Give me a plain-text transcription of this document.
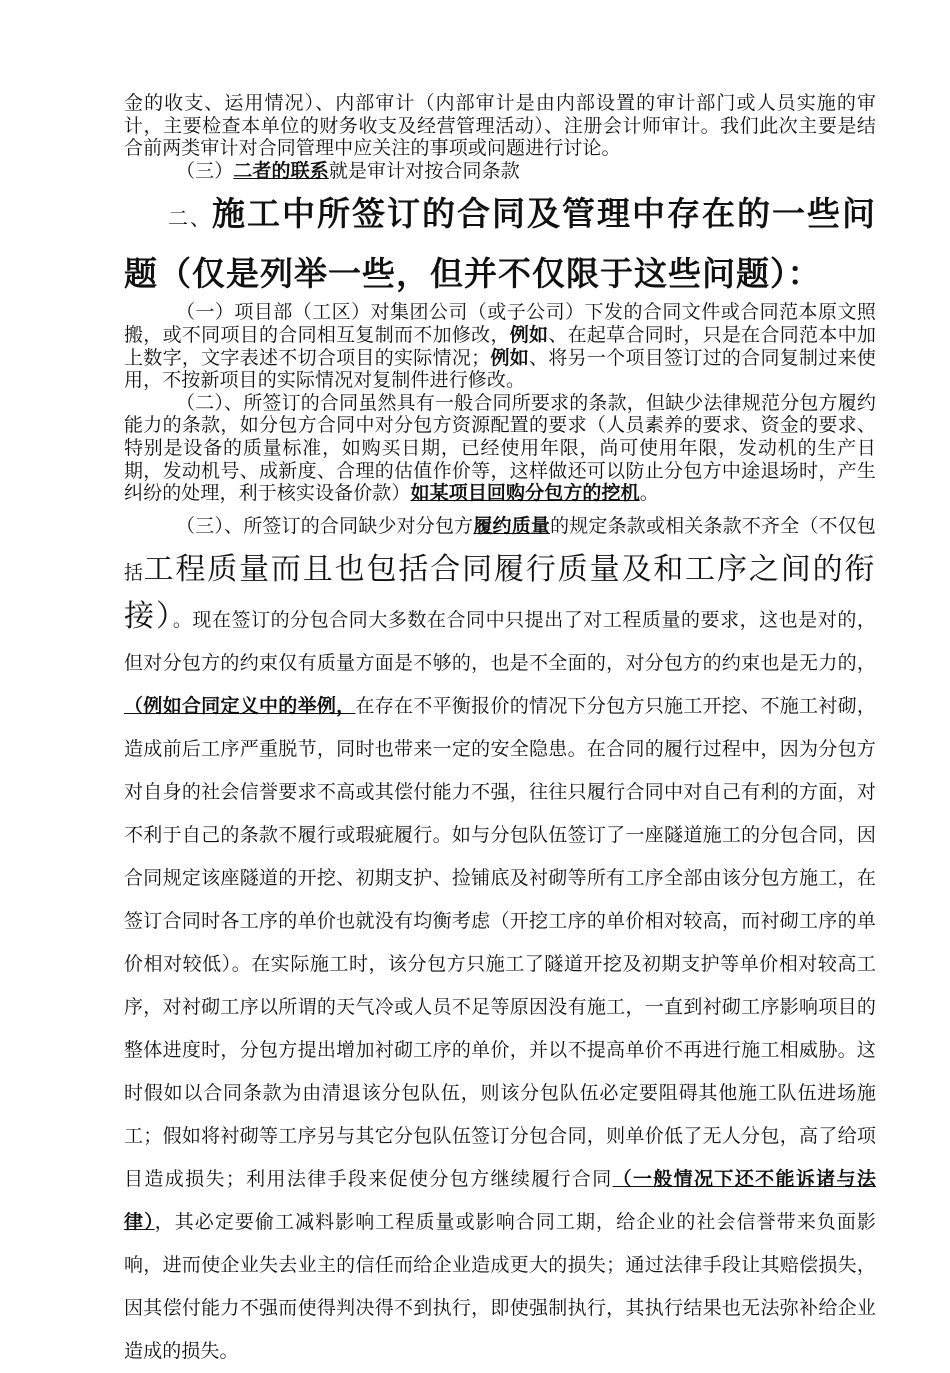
金的收支、运用情况）、内部审计（内部审计是由内部设置的审计部门或人员实施的审计，主要检查本单位的财务收支及经营管理活动）、注册会计师审计。我们此次主要是结合前两类审计对合同管理中应关注的事项或问题进行讨论。

（三）二者的联系就是审计对按合同条款

二、施工中所签订的合同及管理中存在的一些问题（仅是列举一些，但并不仅限于这些问题）：

（一）项目部（工区）对集团公司（或子公司）下发的合同文件或合同范本原文照搬，或不同项目的合同相互复制而不加修改，例如、在起草合同时，只是在合同范本中加上数字，文字表述不切合项目的实际情况；例如、将另一个项目签订过的合同复制过来使用，不按新项目的实际情况对复制件进行修改。

（二）、所签订的合同虽然具有一般合同所要求的条款，但缺少法律规范分包方履约能力的条款，如分包方合同中对分包方资源配置的要求（人员素养的要求、资金的要求、特别是设备的质量标准，如购买日期，已经使用年限，尚可使用年限，发动机的生产日期，发动机号、成新度、合理的估值作价等，这样做还可以防止分包方中途退场时，产生纠纷的处理，利于核实设备价款）如某项目回购分包方的挖机。

（三）、所签订的合同缺少对分包方履约质量的规定条款或相关条款不齐全（不仅包括工程质量而且也包括合同履行质量及和工序之间的衔接）。现在签订的分包合同大多数在合同中只提出了对工程质量的要求，这也是对的，但对分包方的约束仅有质量方面是不够的，也是不全面的，对分包方的约束也是无力的，（例如合同定义中的举例，在存在不平衡报价的情况下分包方只施工开挖、不施工衬砌，造成前后工序严重脱节，同时也带来一定的安全隐患。在合同的履行过程中，因为分包方对自身的社会信誉要求不高或其偿付能力不强，往往只履行合同中对自己有利的方面，对不利于自己的条款不履行或瑕疵履行。如与分包队伍签订了一座隧道施工的分包合同，因合同规定该座隧道的开挖、初期支护、捡铺底及衬砌等所有工序全部由该分包方施工，在签订合同时各工序的单价也就没有均衡考虑（开挖工序的单价相对较高，而衬砌工序的单价相对较低）。在实际施工时，该分包方只施工了隧道开挖及初期支护等单价相对较高工序，对衬砌工序以所谓的天气冷或人员不足等原因没有施工，一直到衬砌工序影响项目的整体进度时，分包方提出增加衬砌工序的单价，并以不提高单价不再进行施工相威胁。这时假如以合同条款为由清退该分包队伍，则该分包队伍必定要阻碍其他施工队伍进场施工；假如将衬砌等工序另与其它分包队伍签订分包合同，则单价低了无人分包，高了给项目造成损失；利用法律手段来促使分包方继续履行合同（一般情况下还不能诉诸与法律），其必定要偷工减料影响工程质量或影响合同工期，给企业的社会信誉带来负面影响，进而使企业失去业主的信任而给企业造成更大的损失；通过法律手段让其赔偿损失，因其偿付能力不强而使得判决得不到执行，即使强制执行，其执行结果也无法弥补给企业造成的损失。
